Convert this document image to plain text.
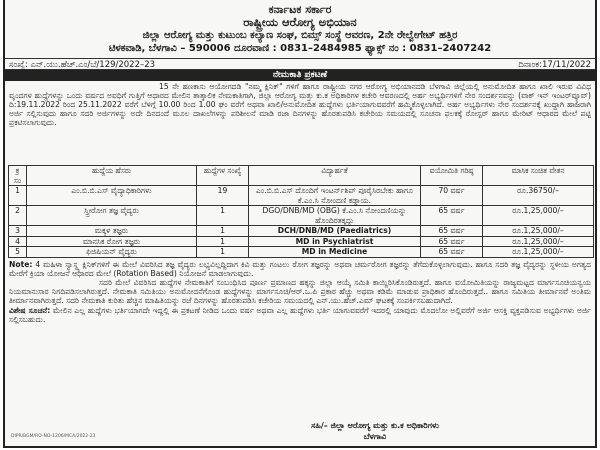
ಕರ್ನಾಟಕ ಸರ್ಕಾರ
ರಾಷ್ಟ್ರೀಯ ಆರೋಗ್ಯ ಅಭಿಯಾನ
ಜಿಲ್ಲಾ ಆರೋಗ್ಯ ಮತ್ತು ಕುಟುಂಬ ಕಲ್ಯಾಣ ಸಂಘ, ಬಿಮ್ಸ್ ಸಂಸ್ಥೆ ಆವರಣ, 2ನೇ ರೇಲ್ವೇಗೇಟ್ ಹತ್ತಿರ
ಟಿಳಕವಾಡಿ, ಬೆಳಗಾವಿ – 590006 ದೂರವಾಣಿ : 0831–2484985 ಫ್ಯಾಕ್ಸ್ ನಂ : 0831–2407242
ಸಂಖ್ಯೆ: ಎನ್.ಯು.ಹೆಚ್.ಎಂ/ಬೆ/129/2022–23	ದಿನಾಂಕ:17/11/2022
ನೇಮಕಾತಿ ಪ್ರಕಟಣೆ

15 ನೇ ಹಣಕಾಸು ಆಯೋಗದಡಿ "ನಮ್ಮ ಕ್ಲಿನಿಕ್" ಗಳಿಗೆ ಹಾಗೂ ರಾಷ್ಟ್ರೀಯ ನಗರ ಆರೋಗ್ಯ ಅಭಿಯಾನದಡಿ ಬೆಳಗಾವಿ ಜಿಲ್ಲೆಯಲ್ಲಿ ಅನುಮೋದಿತ ಹಾಗೂ ಖಾಲಿ ಇರುವ ವಿವಿಧ ವೃಂದಗಳ ಹುದ್ದೆಗಳನ್ನು ಒಂದು ವರ್ಷದ ಅವಧಿಗೆ ಗುತ್ತಿಗೆ ಆಧಾರದ ಮೇಲಿನ ತಾತ್ಕಾಲಿಕ ನೇಮಕಾತಿಗಾಗಿ, ಜಿಲ್ಲಾ ಆರೋಗ್ಯ ಮತ್ತು ಕು.ಕ ಅಧಿಕಾರಿಗಳ ಕಚೇರಿ ಆವರಣದಲ್ಲಿ ಅರ್ಹ ಅಭ್ಯರ್ಥಿಗಳಿಗೆ ನೇರ ಸಂದರ್ಶನವನ್ನು (ವಾಕ್ ಇನ್ ಇಂಟರ್‌ವ್ಯೂವ್) ದಿ:19.11.2022 ರಿಂದ 25.11.2022 ವರೆಗೆ ಬೆಳಿಗ್ಗೆ 10.00 ರಿಂದ 1.00 ಘಂ ವರೆಗೆ ಅಥವಾ ಖಾಲಿ/ಅನುಮೋದಿತ ಹುದ್ದೆಗಳು ಭರ್ತಿಯಾಗುವವರೆಗೆ ಹಮ್ಮಿಕೊಳ್ಳಲಾಗಿದೆ. ಅರ್ಹ ಅಭ್ಯರ್ಥಿಗಳು ನೇರ ಸಂದರ್ಶನಕ್ಕೆ ಖುದ್ದಾಗಿ ಹಾಜರಾಗಿ ಅರ್ಜಿ ಸಲ್ಲಿಸುವುದು ಹಾಗೂ ಸದರಿ ಅರ್ಜಿಗಳನ್ನು ಅದೇ ದಿನದಂದೆ ಮೂಲ ದಾಖಲೆಗಳನ್ನು ಪರಿಶೀಲನೆ ಮಾಡಿ ರಜಾ ದಿನಗಳನ್ನು ಹೊರತುಪಡಿಸಿ ಕಚೇರಿಯ ಸಮಯದಲ್ಲಿ ಸೂಚನಾ ಫಲಕಕ್ಕೆ ರೋಸ್ಟರ್ ಹಾಗೂ ಮೇರಿಟ್ ಆಧಾರದ ಮೇಲೆ ಪಟ್ಟಿ ಪ್ರಕಟಿಸಲಾಗುವುದು.

ಕ್ರ ಸಂ	ಹುದ್ದೆಯ ಹೆಸರು	ಹುದ್ದೆಗಳ ಸಂಖ್ಯೆ	ವಿದ್ಯಾರ್ಹತೆ	ವಯೋಮಿತಿ ಗರಿಷ್ಠ	ಮಾಸಿಕ ಸಂಚಿತ ವೇತನ
1	ಎಂ.ಬಿ.ಬಿ.ಎಸ್ ವೈದ್ಯಾಧಿಕಾರಿಗಳು	19	ಎಂ.ಬಿ.ಬಿ.ಎಸ್ ದೊಂದಿಗೆ ಇಂಟರ್ನ್‌ಶಿಪ್ ಪೂರೈಸಿರಬೇಕು ಹಾಗೂ ಕೆ.ಎಂ.ಸಿ ನೋಂದಣಿ ಕಡ್ಡಾಯ.	70 ವರ್ಷ	ರೂ.36750/–
2	ಸ್ತ್ರೀರೋಗ ತಜ್ಞ ವೈದ್ಯರು	1	DGO/DNB/MD (OBG) ಕೆ.ಎಂ.ಸಿ ನೋಂದಣಿಯನ್ನು ಹೊಂದಿರತಕ್ಕದ್ದು	65 ವರ್ಷ	ರೂ.1,25,000/–
3	ಮಕ್ಕಳ ತಜ್ಞರು	1	DCH/DNB/MD (Paediatrics)	65 ವರ್ಷ	ರೂ.1,25,000/–
4	ಮಾನಸಿಕ ರೋಗ ತಜ್ಞರು	1	MD in Psychiatrist	65 ವರ್ಷ	ರೂ.1,25,000/–
5	ಫಿಜಿಷಿಯನ್ ವೈದ್ಯರು	1	MD in Medicine	65 ವರ್ಷ	ರೂ.1,25,000/–

Note: 4 ಮಹಿಳಾ ಸ್ವಾಸ್ಥ್ಯ ಕ್ಲಿನಿಕ್‌ಗಳಿಗೆ ಈ ಮೇಲೆ ವಿವರಿಸಿದ ತಜ್ಞ ವೈದ್ಯರು ಲಭ್ಯವಿಲ್ಲದ್ದಿದಾಗ ಕಿವಿ ಮತ್ತು ಗಂಟಲು ರೋಗ ತಜ್ಞರನ್ನು ಅಥವಾ ಚರ್ಮರೋಗ ತಜ್ಞರನ್ನು ತೆಗೆದುಕೊಳ್ಳಲಾಗುವುದು. ಹಾಗೂ ಸದರಿ ತಜ್ಞ ವೈದ್ಯರನ್ನು ಸ್ಥಳೀಯ ಅಗತ್ಯದ ಮೇರೆಗೆ ಕ್ರಿಯಾ ಯೋಜನೆ ಆಧಾರದ ಮೇಲೆ (Rotation Based) ನಿಯೋಜನೆ ಮಾಡಲಾಗುವುದು.

ಸದರಿ ಮೇಲೆ ವಿವರಿಸಿದ ಹುದ್ದೆಗಳ ನೇಮಕಾತಿಗೆ ಸಂಬಂಧಿಸಿದ ಪೂರ್ಣ ಪ್ರಮಾಣದ ಹಕ್ಕನ್ನು ಜಿಲ್ಲಾ ಆಯ್ಕೆ ಸಮಿತಿ ಕಾಯ್ದಿರಿಸಿಕೊಂಡಿರುತ್ತದೆ. ಹಾಗೂ ವಯೋಮಿತಿಯನ್ನು ರಾಜ್ಯಮಟ್ಟದ ಮಾರ್ಗಸೂಚಿಯನ್ವಯ ನಿಯಮಾನುಸಾರ ನಿಗದಿಪಡಿಸಲಾಗಿರುತ್ತದೆ. ನೇಮಕಾತಿ ಸಮಿತಿಯು ಅನುಮೋದನೆಗೊಂಡ ಹುದ್ದೆಗಳನ್ನು ಮಾರ್ಗಸೂಚಿ/ಆರ್.ಒ.ಪಿ ಪ್ರಕಾರ ಹೆಚ್ಚು ಅಥವಾ ಕಡಿಮೆ ಮಾಡುವ ಪ್ರಾಧಿಕಾರ ಹೊಂದಿರುತ್ತದೆ.. ಹಾಗೂ ಸಮಿತಿಯ ತೀರ್ಮಾನವೆ ಅಂತಿಮ ತೀರ್ಮಾನವಾಗಿರುತ್ತದೆ. ಸದರಿ ನೇಮಕಾತಿ ಕುರಿತು ಹೆಚ್ಚಿನ ಮಾಹಿತಿಯನ್ನು ರಜೆ ದಿನಗಳನ್ನು ಹೊರತುಪಡಿಸಿ ಕಚೇರಿಯ ಸಮಯದಲ್ಲಿ ಎನ್.ಯು.ಹೆಚ್.ಎಮ್ ಘಟಕಕ್ಕೆ ಸಂಪರ್ಕಿಸಬಹುದಾಗಿದೆ.

ವಿಶೇಷ ಸೂಚನೆ: ಮೇಲಿನ ಎಲ್ಲ ಹುದ್ದೆಗಳು ಭರ್ತಿಯಾಗದೇ ಇದ್ದಲ್ಲಿ ಈ ಪ್ರಕಟಣೆ ನೀಡಿದ ಒಂದು ವರ್ಷ ಅಥವಾ ಎಲ್ಲ ಹುದ್ದೆಗಳು ಭರ್ತಿ ಯಾಗುವವರೆಗೆ ಇದರಲ್ಲಿ ಯಾವುದು ಮೊದಲೋ ಅಲ್ಲಿವರೆಗೆ ಅರ್ಜಿ ಆಸಕ್ತಿ ವ್ಯಕ್ತಪಡಿಸುವ ಅಭ್ಯರ್ಥಿಗಳು ಅರ್ಜಿ ಸಲ್ಲಿಸಬಹುದು.

ಸಹಿ/– ಜಿಲ್ಲಾ ಆರೋಗ್ಯ ಮತ್ತು ಕು.ಕ ಅಧಿಕಾರಿಗಳು
ಬೆಳಗಾವಿ
DIPR/BGM/RO-NO-1206/MCA/2022-23
